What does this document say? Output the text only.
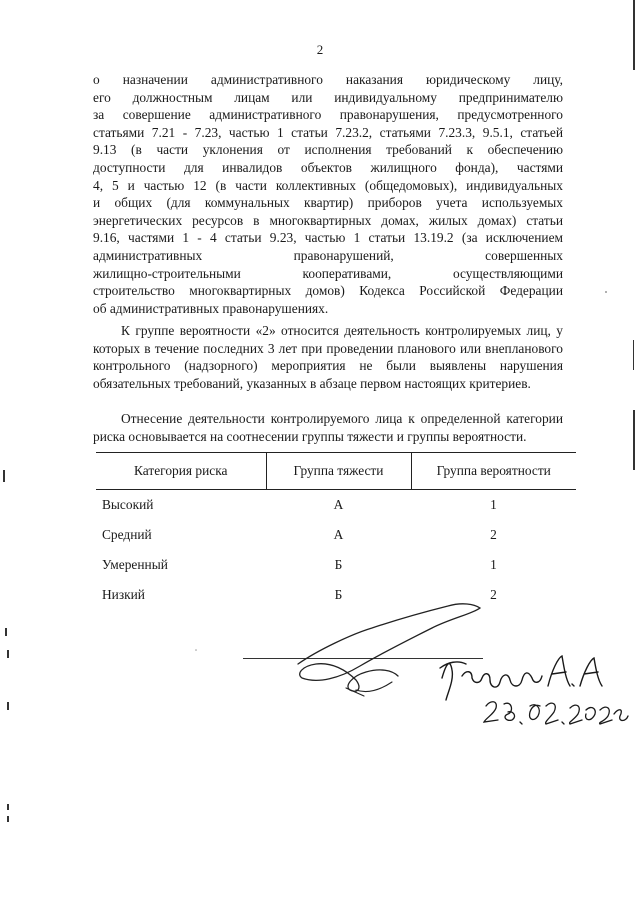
2
о назначении административного наказания юридическому лицу,
его должностным лицам или индивидуальному предпринимателю
за совершение административного правонарушения, предусмотренного
статьями 7.21 - 7.23, частью 1 статьи 7.23.2, статьями 7.23.3, 9.5.1, статьей
9.13 (в части уклонения от исполнения требований к обеспечению
доступности для инвалидов объектов жилищного фонда), частями
4, 5 и частью 12 (в части коллективных (общедомовых), индивидуальных
и общих (для коммунальных квартир) приборов учета используемых
энергетических ресурсов в многоквартирных домах, жилых домах) статьи
9.16, частями 1 - 4 статьи 9.23, частью 1 статьи 13.19.2 (за исключением
административных правонарушений, совершенных
жилищно-строительными кооперативами, осуществляющими
строительство многоквартирных домов) Кодекса Российской Федерации
об административных правонарушениях.

К группе вероятности «2» относится деятельность контролируемых лиц, у которых в течение последних 3 лет при проведении планового или внепланового контрольного (надзорного) мероприятия не были выявлены нарушения обязательных требований, указанных в абзаце первом настоящих критериев.

Отнесение деятельности контролируемого лица к определенной категории риска основывается на соотнесении группы тяжести и группы вероятности.

Категория риска	Группа тяжести	Группа вероятности
Высокий	А	1
Средний	А	2
Умеренный	Б	1
Низкий	Б	2
